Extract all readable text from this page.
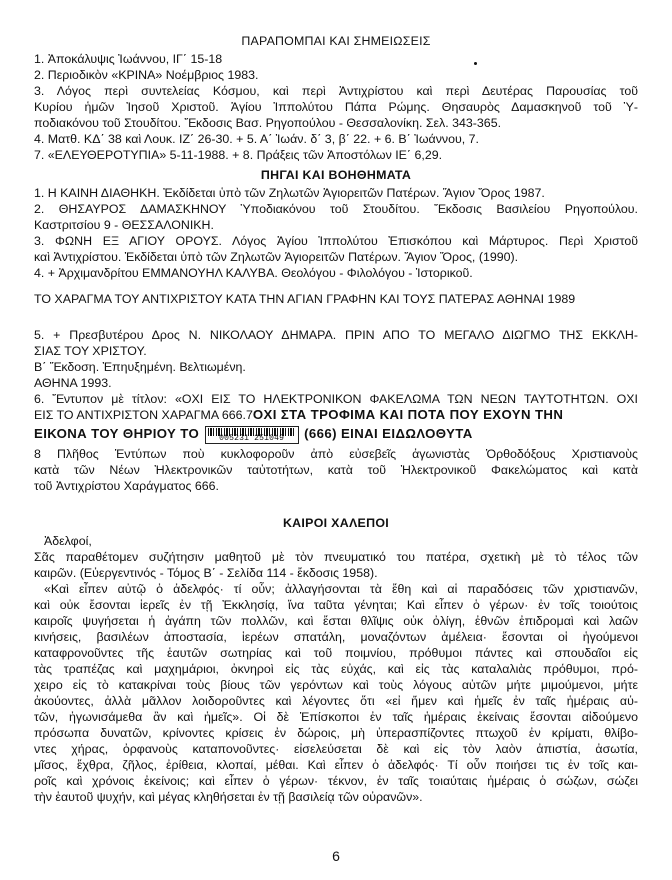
ΠΑΡΑΠΟΜΠΑΙ ΚΑΙ ΣΗΜΕΙΩΣΕΙΣ
1. Ἀποκάλυψις Ἰωάννου, ΙΓ΄ 15-18
2. Περιοδικὸν «ΚΡΙΝΑ» Νοέμβριος 1983.
3. Λόγος περὶ συντελείας Κόσμου, καὶ περὶ Ἀντιχρίστου καὶ περὶ Δευτέρας Παρουσίας τοῦ
Κυρίου ἡμῶν Ἰησοῦ Χριστοῦ. Ἁγίου Ἱππολύτου Πάπα Ρώμης. Θησαυρὸς Δαμασκηνοῦ τοῦ Ὑ-
ποδιακόνου τοῦ Στουδίτου. Ἔκδοσις Βασ. Ρηγοπούλου - Θεσσαλονίκη. Σελ. 343-365.
4. Ματθ. ΚΔ΄ 38 καὶ Λουκ. ΙΖ΄ 26-30. + 5. Α΄ Ἰωάν. δ΄ 3, β΄ 22. + 6. Β΄ Ἰωάννου, 7.
7. «ΕΛΕΥΘΕΡΟΤΥΠΙΑ» 5-11-1988. + 8. Πράξεις τῶν Ἀποστόλων ΙΕ΄ 6,29.
ΠΗΓΑΙ ΚΑΙ ΒΟΗΘΗΜΑΤΑ
1. Η ΚΑΙΝΗ ΔΙΑΘΗΚΗ. Ἐκδίδεται ὑπὸ τῶν Ζηλωτῶν Ἁγιορειτῶν Πατέρων. Ἅγιον Ὄρος 1987.
2. ΘΗΣΑΥΡΟΣ ΔΑΜΑΣΚΗΝΟΥ Ὑποδιακόνου τοῦ Στουδίτου. Ἔκδοσις Βασιλείου Ρηγοπούλου.
Καστριτσίου 9 - ΘΕΣΣΑΛΟΝΙΚΗ.
3. ΦΩΝΗ ΕΞ ΑΓΙΟΥ ΟΡΟΥΣ. Λόγος Ἁγίου Ἱππολύτου Ἐπισκόπου καὶ Μάρτυρος. Περὶ Χριστοῦ
καὶ Ἀντιχρίστου. Ἐκδίδεται ὑπὸ τῶν Ζηλωτῶν Ἁγιορειτῶν Πατέρων. Ἅγιον Ὄρος, (1990).
4. + Ἀρχιμανδρίτου ΕΜΜΑΝΟΥΗΛ ΚΑΛΥΒΑ. Θεολόγου - Φιλολόγου - Ἱστορικοῦ.
ΤΟ ΧΑΡΑΓΜΑ ΤΟΥ ΑΝΤΙΧΡΙΣΤΟΥ ΚΑΤΑ ΤΗΝ ΑΓΙΑΝ ΓΡΑΦΗΝ ΚΑΙ ΤΟΥΣ ΠΑΤΕΡΑΣ ΑΘΗΝΑΙ 1989
5. + Πρεσβυτέρου Δρος Ν. ΝΙΚΟΛΑΟΥ ΔΗΜΑΡΑ. ΠΡΙΝ ΑΠΟ ΤΟ ΜΕΓΑΛΟ ΔΙΩΓΜΟ ΤΗΣ ΕΚΚΛΗ-
ΣΙΑΣ ΤΟΥ ΧΡΙΣΤΟΥ.
Β΄ Ἔκδοση. Ἐπηυξημένη. Βελτιωμένη.
ΑΘΗΝΑ 1993.
6. Ἔντυπον μὲ τίτλον: «ΟΧΙ ΕΙΣ ΤΟ ΗΛΕΚΤΡΟΝΙΚΟΝ ΦΑΚΕΛΩΜΑ ΤΩΝ ΝΕΩΝ ΤΑΥΤΟΤΗΤΩΝ. ΟΧΙ
ΕΙΣ ΤΟ ΑΝΤΙΧΡΙΣΤΟΝ ΧΑΡΑΓΜΑ 666.7ΟΧΙ ΣΤΑ ΤΡΟΦΙΜΑ ΚΑΙ ΠΟΤΑ ΠΟΥ ΕΧΟΥΝ ΤΗΝ
ΕΙΚΟΝΑ ΤΟΥ ΘΗΡΙΟΥ ΤΟ	005231 251049	(666) ΕΙΝΑΙ ΕΙΔΩΛΟΘΥΤΑ
8 Πλῆθος Ἐντύπων ποὺ κυκλοφοροῦν ἀπὸ εὐσεβεῖς ἀγωνιστὰς Ὀρθοδόξους Χριστιανοὺς
κατὰ τῶν Νέων Ἠλεκτρονικῶν ταὐτοτήτων, κατὰ τοῦ Ἠλεκτρονικοῦ Φακελώματος καὶ κατὰ
τοῦ Ἀντιχρίστου Χαράγματος 666.
ΚΑΙΡΟΙ ΧΑΛΕΠΟΙ
Ἀδελφοί,
Σᾶς παραθέτομεν συζήτησιν μαθητοῦ μὲ τὸν πνευματικό του πατέρα, σχετικὴ μὲ τὸ τέλος τῶν
καιρῶν. (Εὐεργεντινός - Τόμος Β΄ - Σελίδα 114 - ἔκδοσις 1958).
«Καὶ εἶπεν αὐτῷ ὁ ἀδελφός· τί οὖν; ἀλλαγήσονται τὰ ἔθη καὶ αἱ παραδόσεις τῶν χριστιανῶν,
καὶ οὐκ ἔσονται ἱερεῖς ἐν τῇ Ἐκκλησίᾳ, ἵνα ταῦτα γένηται; Καὶ εἶπεν ὁ γέρων· ἐν τοῖς τοιούτοις
καιροῖς ψυγήσεται ἡ ἀγάπη τῶν πολλῶν, καὶ ἔσται θλῖψις οὐκ ὀλίγη, ἐθνῶν ἐπιδρομαὶ καὶ λαῶν
κινήσεις, βασιλέων ἀποστασία, ἱερέων σπατάλη, μοναζόντων ἀμέλεια· ἔσονται οἱ ἡγούμενοι
καταφρονοῦντες τῆς ἑαυτῶν σωτηρίας καὶ τοῦ ποιμνίου, πρόθυμοι πάντες καὶ σπουδαῖοι εἰς
τὰς τραπέζας καὶ μαχημάριοι, ὀκνηροὶ εἰς τὰς εὐχάς, καὶ εἰς τὰς καταλαλιὰς πρόθυμοι, πρό-
χειρο εἰς τὸ κατακρίναι τοὺς βίους τῶν γερόντων καὶ τοὺς λόγους αὐτῶν μήτε μιμούμενοι, μήτε
ἀκούοντες, ἀλλὰ μᾶλλον λοιδοροῦντες καὶ λέγοντες ὅτι «εἰ ἤμεν καὶ ἡμεῖς ἐν ταῖς ἡμέραις αὐ-
τῶν, ἠγωνισάμεθα ἂν καὶ ἡμεῖς». Οἱ δὲ Ἐπίσκοποι ἐν ταῖς ἡμέραις ἐκείναις ἔσονται αἰδούμενο
πρόσωπα δυνατῶν, κρίνοντες κρίσεις ἐν δώροις, μὴ ὑπερασπίζοντες πτωχοῦ ἐν κρίματι, θλίβο-
ντες χήρας, ὀρφανοὺς καταπονοῦντες· εἰσελεύσεται δὲ καὶ εἰς τὸν λαὸν ἀπιστία, ἀσωτία,
μῖσος, ἔχθρα, ζῆλος, ἐρίθεια, κλοπαί, μέθαι. Καὶ εἶπεν ὁ ἀδελφός· Τί οὖν ποιήσει τις ἐν τοῖς και-
ροῖς καὶ χρόνοις ἐκείνοις; καὶ εἶπεν ὁ γέρων· τέκνον, ἐν ταῖς τοιαύταις ἡμέραις ὁ σώζων, σώζει
τὴν ἑαυτοῦ ψυχήν, καὶ μέγας κληθήσεται ἐν τῇ βασιλείᾳ τῶν οὐρανῶν».
6
